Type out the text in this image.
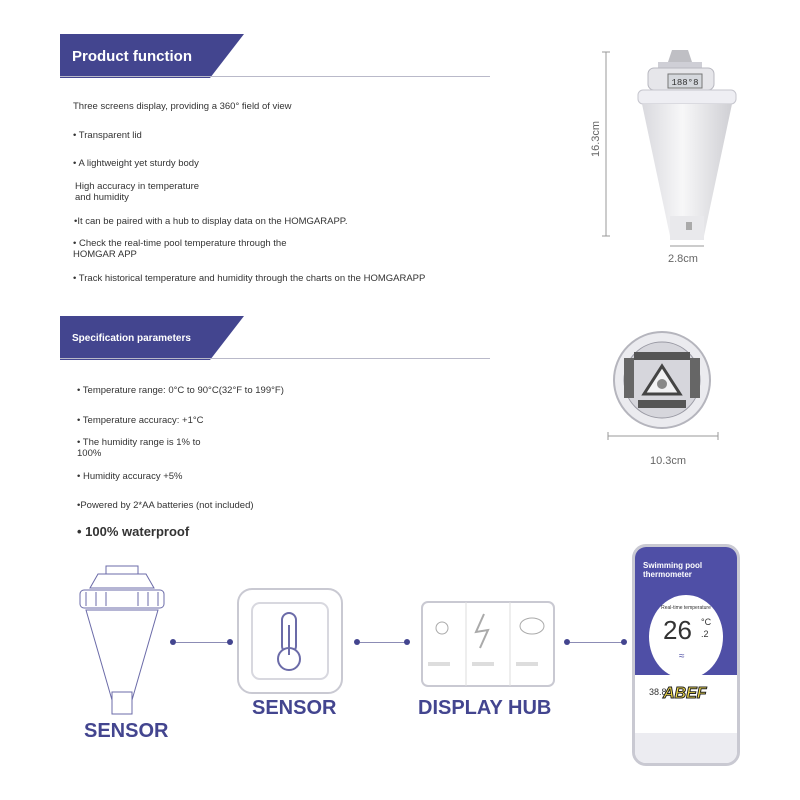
Product function
Three screens display, providing a 360° field of view
• Transparent lid
• A lightweight yet sturdy body
High accuracy in temperature
and humidity
•It can be paired with a hub to display data on the HOMGARAPP.
• Check the real-time pool temperature through the
HOMGAR APP
• Track historical temperature and humidity through the charts on the HOMGARAPP
Specification parameters
• Temperature range: 0°C to 90°C(32°F to 199°F)
• Temperature accuracy: +1°C
• The humidity range is 1% to
100%
• Humidity accuracy +5%
•Powered by 2*AA batteries (not included)
• 100% waterproof
188°8
16.3cm
2.8cm
10.3cm
SENSOR
SENSOR	DISPLAY HUB
Swimming pool
thermometer
Real-time temperature
26 °C
.2
≈
38.8
ABEF
